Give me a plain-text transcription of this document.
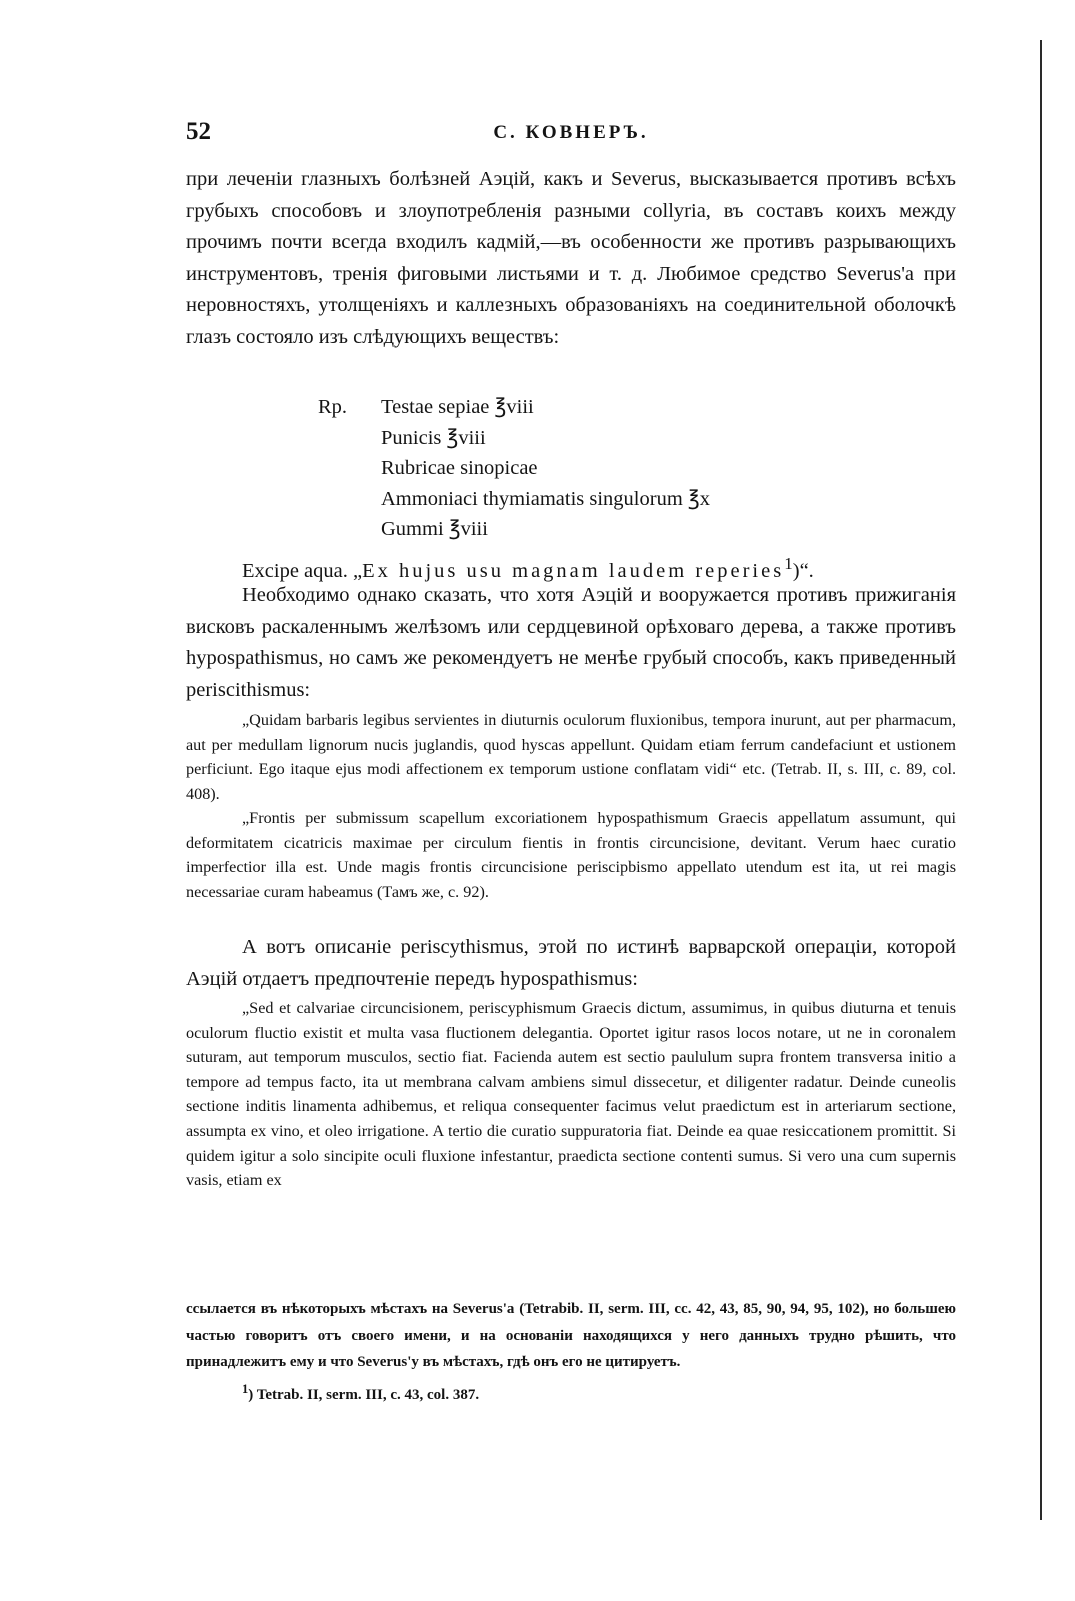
52	С. КОВНЕРЪ.

при леченіи глазныхъ болѣзней Аэцій, какъ и Severus, высказывается противъ всѣхъ грубыхъ способовъ и злоупотребленія разными collyria, въ составъ коихъ между прочимъ почти всегда входилъ кадмій,—въ особенности же противъ разрывающихъ инструментовъ, тренія фиговыми листьями и т. д. Любимое средство Severus'а при неровностяхъ, утолщеніяхъ и каллезныхъ образованіяхъ на соединительной оболочкѣ глазъ состояло изъ слѣдующихъ веществъ:

Rp. Testae sepiae ℥viii
Punicis ℥viii
Rubricae sinopicae
Ammoniaci thymiamatis singulorum ℥x
Gummi ℥viii

Excipe aqua. „Ex hujus usu magnam laudem reperies$^1$)“.

Необходимо однако сказать, что хотя Аэцій и вооружается противъ прижиганія висковъ раскаленнымъ желѣзомъ или сердцевиной орѣховаго дерева, а также противъ hypospathismus, но самъ же рекомендуетъ не менѣе грубый способъ, какъ приведенный periscithismus:

„Quidam barbaris legibus servientes in diuturnis oculorum fluxionibus, tempora inurunt, aut per pharmacum, aut per medullam lignorum nucis juglandis, quod hyscas appellunt. Quidam etiam ferrum candefaciunt et ustionem perficiunt. Ego itaque ejus modi affectionem ex temporum ustione conflatam vidi“ etc. (Tetrab. II, s. III, c. 89, col. 408).

„Frontis per submissum scapellum excoriationem hypospathismum Graecis appellatum assumunt, qui deformitatem cicatricis maximae per circulum fientis in frontis circuncisione, devitant. Verum haec curatio imperfectior illa est. Unde magis frontis circuncisione periscipbismo appellato utendum est ita, ut rei magis necessariae curam habeamus (Тамъ же, с. 92).

А вотъ описаніе periscythismus, этой по истинѣ варварской операціи, которой Аэцій отдаетъ предпочтеніе передъ hypospathismus:

„Sed et calvariae circuncisionem, periscyphismum Graecis dictum, assumimus, in quibus diuturna et tenuis oculorum fluctio existit et multa vasa fluctionem delegantia. Oportet igitur rasos locos notare, ut ne in coronalem suturam, aut temporum musculos, sectio fiat. Facienda autem est sectio paululum supra frontem transversa initio a tempore ad tempus facto, ita ut membrana calvam ambiens simul dissecetur, et diligenter radatur. Deinde cuneolis sectione inditis linamenta adhibemus, et reliqua consequenter facimus velut praedictum est in arteriarum sectione, assumpta ex vino, et oleo irrigatione. A tertio die curatio suppuratoria fiat. Deinde ea quae resiccationem promittit. Si quidem igitur a solo sincipite oculi fluxione infestantur, praedicta sectione contenti sumus. Si vero una cum supernis vasis, etiam ex

ссылается въ нѣкоторыхъ мѣстахъ на Severus'а (Tetrabib. II, serm. III, cc. 42, 43, 85, 90, 94, 95, 102), но большею частью говоритъ отъ своего имени, и на основаніи находящихся у него данныхъ трудно рѣшить, что принадлежитъ ему и что Severus'у въ мѣстахъ, гдѣ онъ его не цитируетъ.

$^1$) Tetrab. II, serm. III, c. 43, col. 387.
